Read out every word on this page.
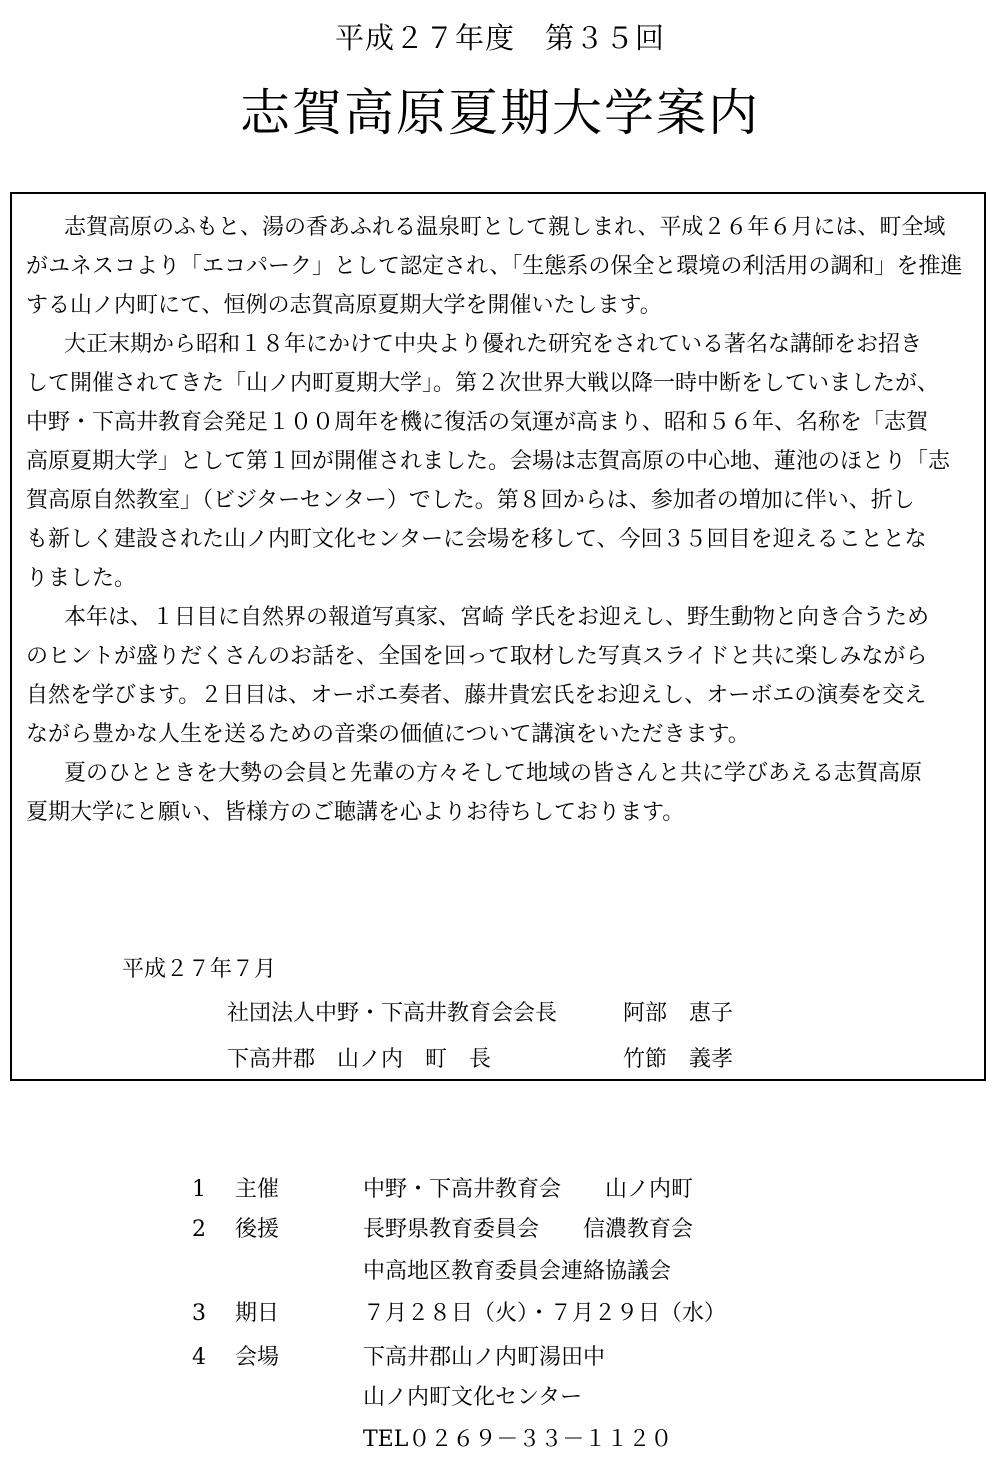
平成２７年度　第３５回
志賀高原夏期大学案内
志賀高原のふもと、湯の香あふれる温泉町として親しまれ、平成２６年６月には、町全域
がユネスコより「エコパーク」として認定され、「生態系の保全と環境の利活用の調和」を推進
する山ノ内町にて、恒例の志賀高原夏期大学を開催いたします。
大正末期から昭和１８年にかけて中央より優れた研究をされている著名な講師をお招き
して開催されてきた「山ノ内町夏期大学」。第２次世界大戦以降一時中断をしていましたが、
中野・下高井教育会発足１００周年を機に復活の気運が高まり、昭和５６年、名称を「志賀
高原夏期大学」として第１回が開催されました。会場は志賀高原の中心地、蓮池のほとり「志
賀高原自然教室」（ビジターセンター）でした。第８回からは、参加者の増加に伴い、折し
も新しく建設された山ノ内町文化センターに会場を移して、今回３５回目を迎えることとな
りました。
本年は、１日目に自然界の報道写真家、宮崎 学氏をお迎えし、野生動物と向き合うため
のヒントが盛りだくさんのお話を、全国を回って取材した写真スライドと共に楽しみながら
自然を学びます。２日目は、オーボエ奏者、藤井貴宏氏をお迎えし、オーボエの演奏を交え
ながら豊かな人生を送るための音楽の価値について講演をいただきます。
夏のひとときを大勢の会員と先輩の方々そして地域の皆さんと共に学びあえる志賀高原
夏期大学にと願い、皆様方のご聴講を心よりお待ちしております。
平成２７年７月
社団法人中野・下高井教育会会長	阿部　恵子
下高井郡　山ノ内　町　長	竹節　義孝
1 主催	中野・下高井教育会　　山ノ内町
2 後援	長野県教育委員会　　信濃教育会
中高地区教育委員会連絡協議会
3 期日	７月２８日（火）・７月２９日（水）
4 会場	下高井郡山ノ内町湯田中
山ノ内町文化センター
TEL０２６９－３３－１１２０
